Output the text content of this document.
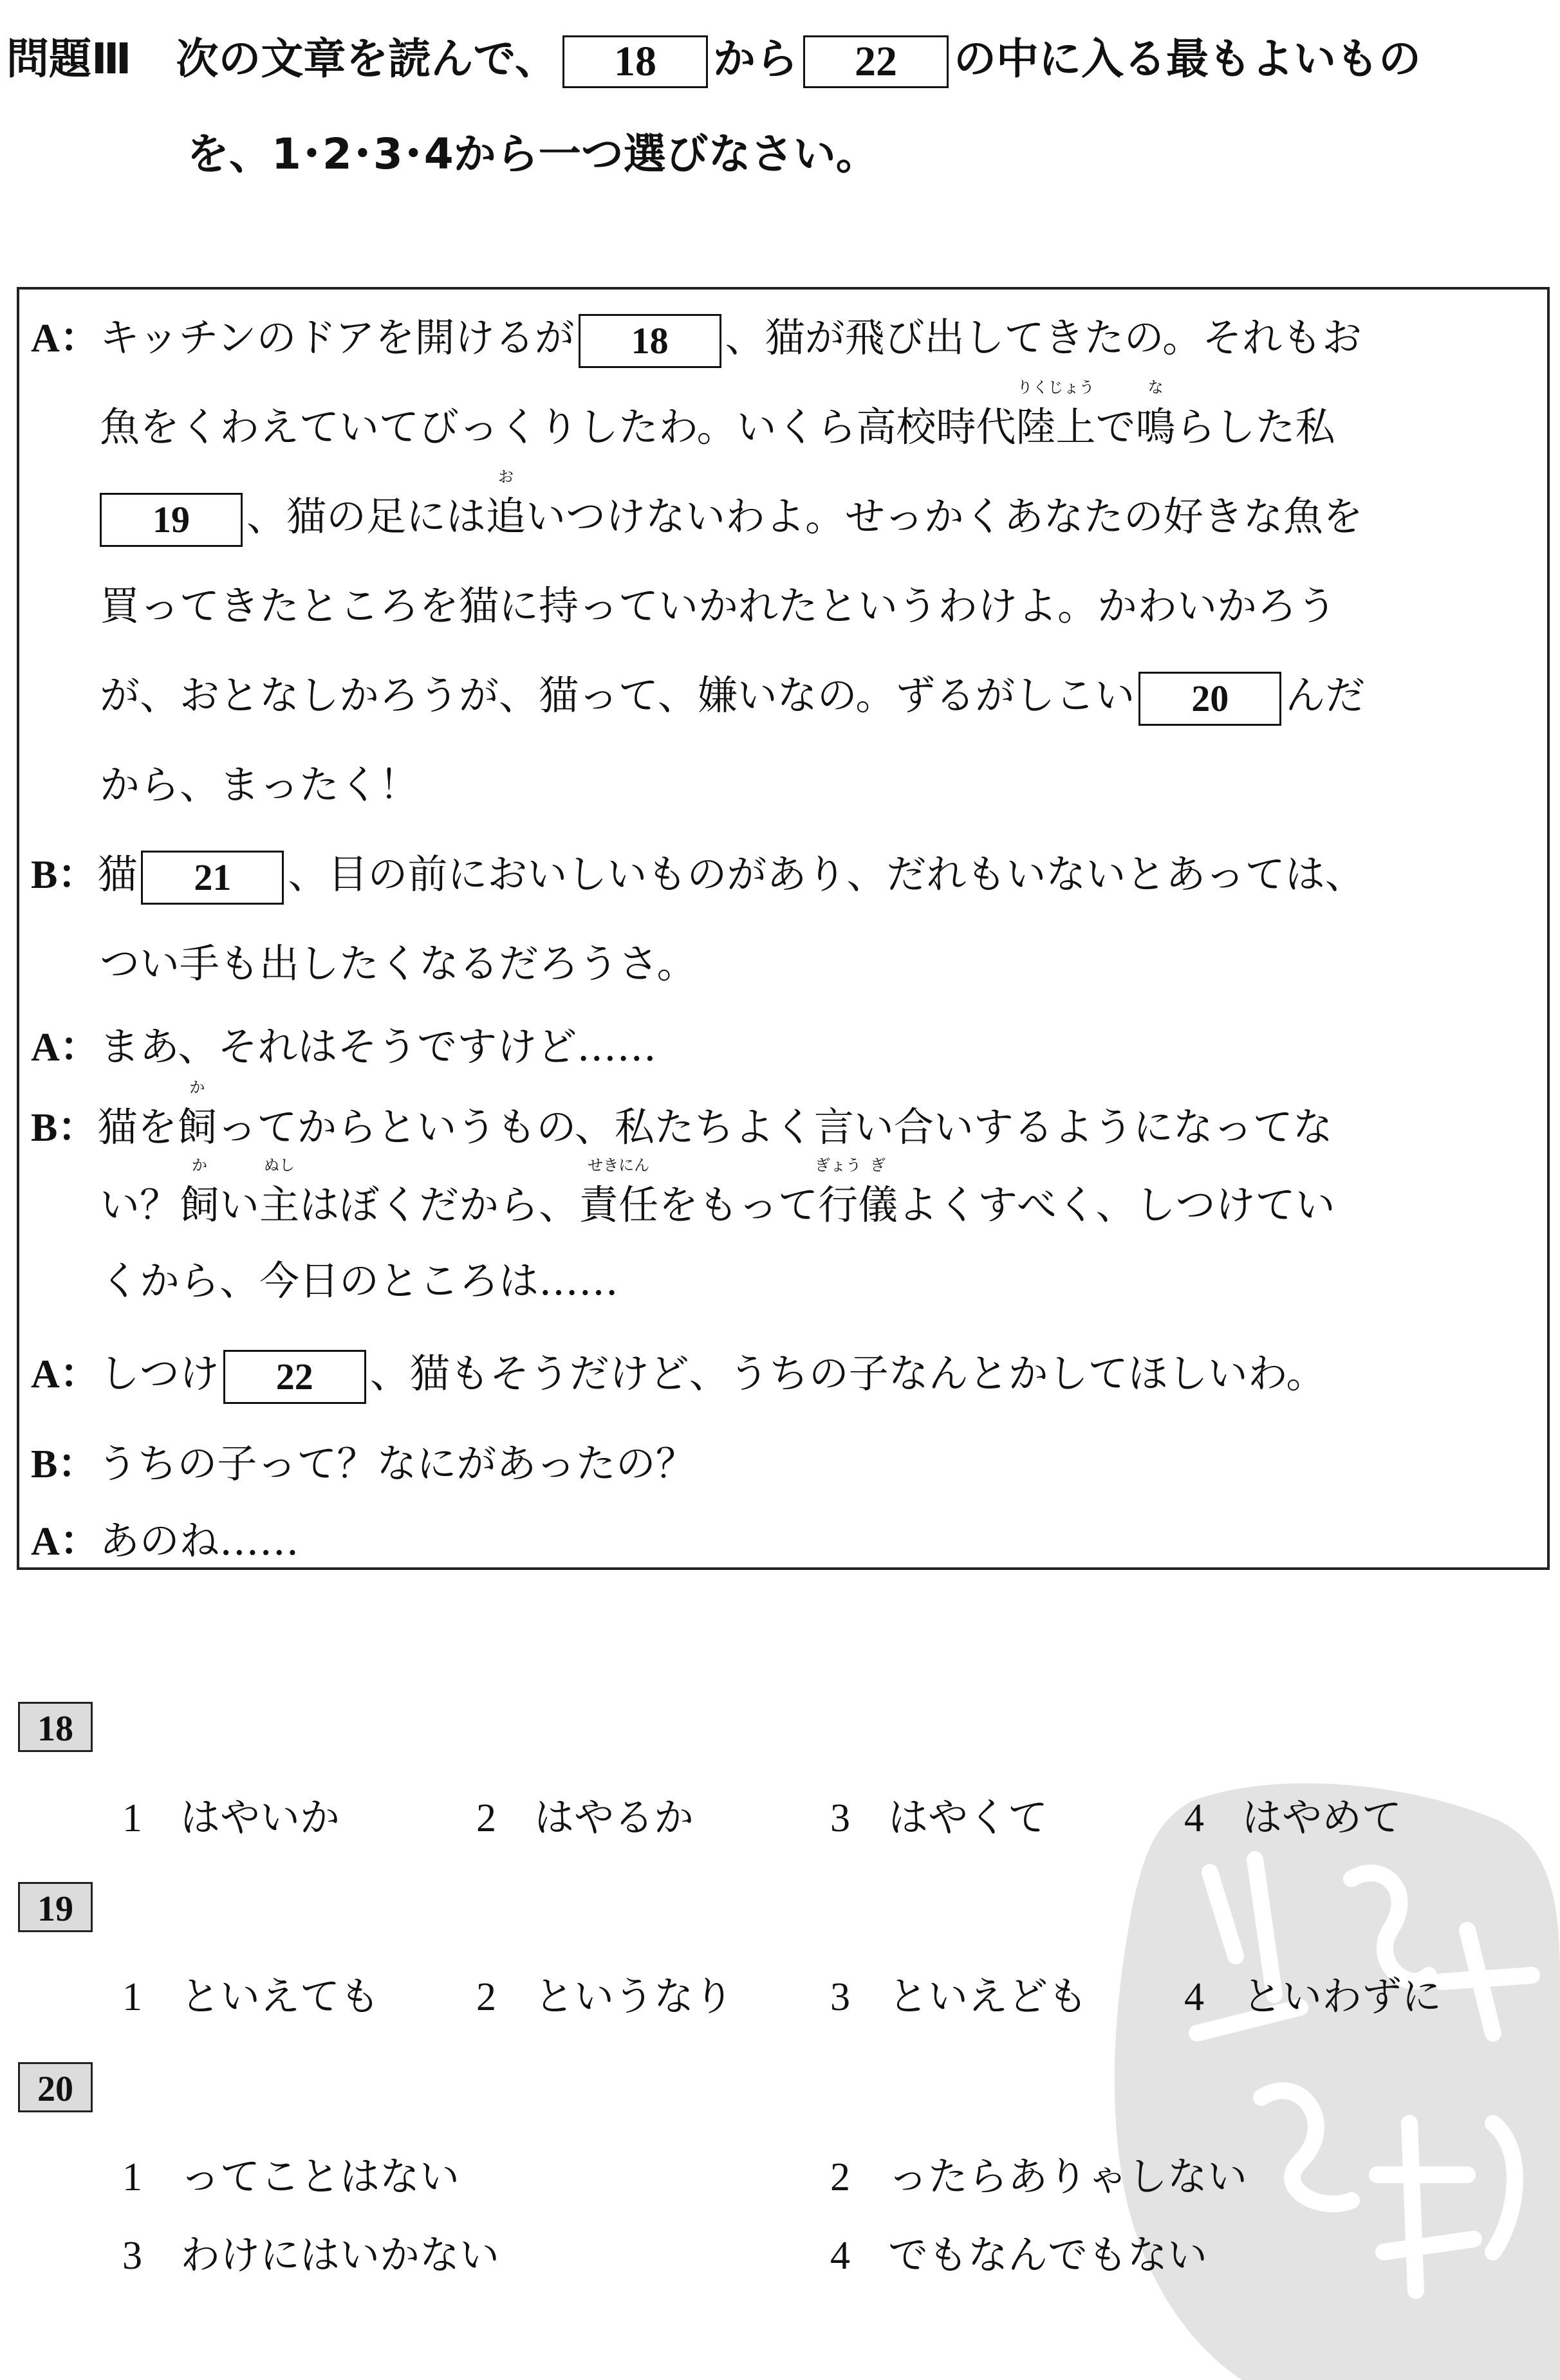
問題Ⅲ 次の文章を読んで、 18 から 22 の中に入る最もよいもの
を、1･2･3･4から一つ選びなさい。
A：キッチンのドアを開けるが 18 、猫が飛び出してきたの。それもお
魚をくわえていてびっくりしたわ。いくら高校時代陸上
りくじょう
で鳴
な
らした私
19 、猫の足には追
お
いつけないわよ。せっかくあなたの好きな魚を
買ってきたところを猫に持っていかれたというわけよ。かわいかろう
が、おとなしかろうが、猫って、嫌いなの。ずるがしこい 20 んだ
から、まったく！
B：猫 21 、目の前においしいものがあり、だれもいないとあっては、
つい手も出したくなるだろうさ。
A：まあ、それはそうですけど……
B：猫を飼
か
ってからというもの、私たちよく言い合いするようになってな
い？飼
か
い主
ぬし
はぼくだから、責任
せきにん
をもって行
ぎょう
儀
ぎ
よくすべく、しつけてい
くから、今日のところは……
A：しつけ 22 、猫もそうだけど、うちの子なんとかしてほしいわ。
B：うちの子って？なにがあったの？
A：あのね……
18
1 はやいか	2 はやるか	3 はやくて	4 はやめて
19
1 といえても 2 というなり 3 といえども 4 といわずに
20
1 ってことはない	2 ったらありゃしない
3 わけにはいかない	4 でもなんでもない
